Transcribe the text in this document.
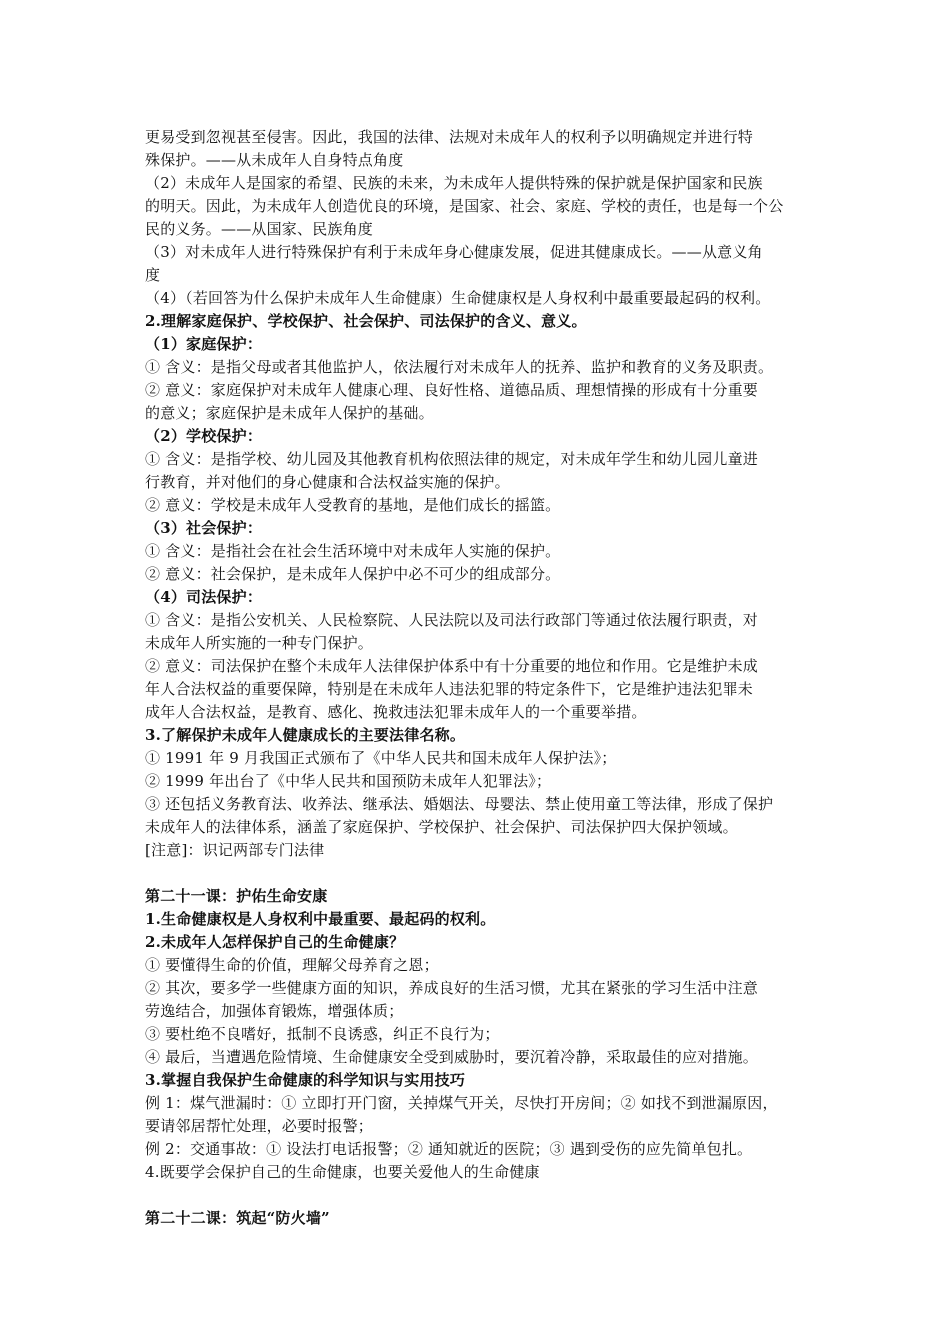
更易受到忽视甚至侵害。因此，我国的法律、法规对未成年人的权利予以明确规定并进行特
殊保护。——从未成年人自身特点角度
（2）未成年人是国家的希望、民族的未来，为未成年人提供特殊的保护就是保护国家和民族
的明天。因此，为未成年人创造优良的环境，是国家、社会、家庭、学校的责任，也是每一个公
民的义务。——从国家、民族角度
（3）对未成年人进行特殊保护有利于未成年身心健康发展，促进其健康成长。——从意义角
度
（4）（若回答为什么保护未成年人生命健康）生命健康权是人身权利中最重要最起码的权利。
2.理解家庭保护、学校保护、社会保护、司法保护的含义、意义。
（1）家庭保护：
① 含义：是指父母或者其他监护人，依法履行对未成年人的抚养、监护和教育的义务及职责。
② 意义：家庭保护对未成年人健康心理、良好性格、道德品质、理想情操的形成有十分重要
的意义；家庭保护是未成年人保护的基础。
（2）学校保护：
① 含义：是指学校、幼儿园及其他教育机构依照法律的规定，对未成年学生和幼儿园儿童进
行教育，并对他们的身心健康和合法权益实施的保护。
② 意义：学校是未成年人受教育的基地，是他们成长的摇篮。
（3）社会保护：
① 含义：是指社会在社会生活环境中对未成年人实施的保护。
② 意义：社会保护，是未成年人保护中必不可少的组成部分。
（4）司法保护：
① 含义：是指公安机关、人民检察院、人民法院以及司法行政部门等通过依法履行职责，对
未成年人所实施的一种专门保护。
② 意义：司法保护在整个未成年人法律保护体系中有十分重要的地位和作用。它是维护未成
年人合法权益的重要保障，特别是在未成年人违法犯罪的特定条件下，它是维护违法犯罪未
成年人合法权益，是教育、感化、挽救违法犯罪未成年人的一个重要举措。
3.了解保护未成年人健康成长的主要法律名称。
① 1991 年 9 月我国正式颁布了《中华人民共和国未成年人保护法》；
② 1999 年出台了《中华人民共和国预防未成年人犯罪法》；
③ 还包括义务教育法、收养法、继承法、婚姻法、母婴法、禁止使用童工等法律，形成了保护
未成年人的法律体系，涵盖了家庭保护、学校保护、社会保护、司法保护四大保护领域。
[注意]：识记两部专门法律
第二十一课：护佑生命安康
1.生命健康权是人身权利中最重要、最起码的权利。
2.未成年人怎样保护自己的生命健康？
① 要懂得生命的价值，理解父母养育之恩；
② 其次，要多学一些健康方面的知识，养成良好的生活习惯，尤其在紧张的学习生活中注意
劳逸结合，加强体育锻炼，增强体质；
③ 要杜绝不良嗜好，抵制不良诱惑，纠正不良行为；
④ 最后，当遭遇危险情境、生命健康安全受到威胁时，要沉着冷静，采取最佳的应对措施。
3.掌握自我保护生命健康的科学知识与实用技巧
例 1：煤气泄漏时：① 立即打开门窗，关掉煤气开关，尽快打开房间；② 如找不到泄漏原因，
要请邻居帮忙处理，必要时报警；
例 2：交通事故：① 设法打电话报警；② 通知就近的医院；③ 遇到受伤的应先简单包扎。
4.既要学会保护自己的生命健康，也要关爱他人的生命健康
第二十二课：筑起“防火墙”
